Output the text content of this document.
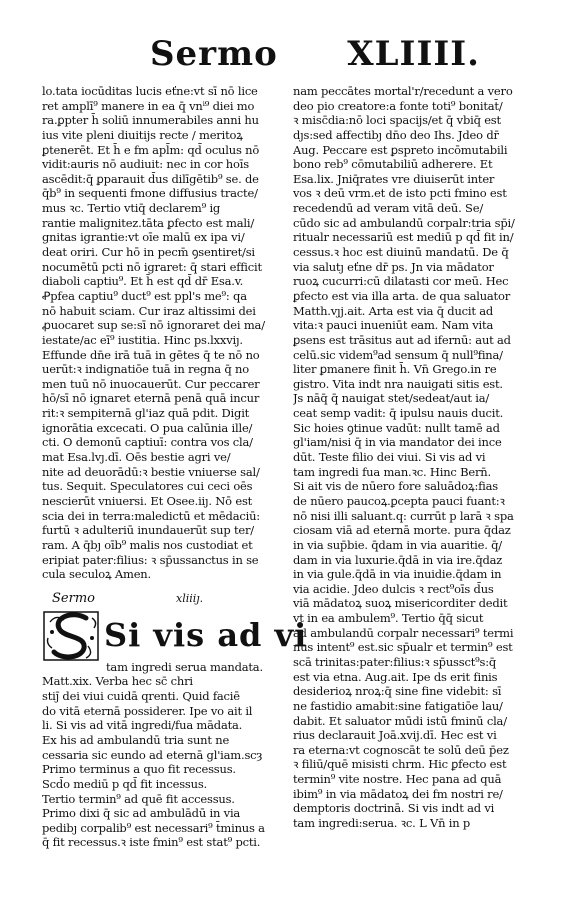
Sermo XLIIII.
lo.tata iocūditas lucis eťne:vt sī nō lice
ret amplī⁹ manere in ea q̄ vnⁱ⁹ diei mo
ra.ꝑpter h̄ soliū innumerabiles anni hu
ius vite pleni diuitijs recte / meritoꝝ
ꝑtenerēt. Et h̄ e fm apl̄m: qd̄ oculus nō
vidit:auris nō audiuit: nec in cor hoīs
ascēdit:q̄ ꝑparauit d̄us dilīgētib⁹ se. de
q̄b⁹ in sequenti fmone diffusius tracte/
mus ꝛc. Tertio vtiq̄ declarem⁹ ig
rantie malignitez.tāta ꝑfecto est mali/
gnitas igrantie:vt oīe malū ex ipa vi/
deat oriri. Cur hō in pecm̄ ꝯsentiret/si
nocumētū pcti nō igraret: q̄ stari efficit
diaboli captiu⁹. Et h̄ est qd̄ dr̄ Esa.v.
Ꝓpfea captiu⁹ duct⁹ est ppl's me⁹: qa
nō habuit sciam. Cur iraz altissimi dei
ꝓuocaret sup se:sī nō ignoraret dei ma/
iestate/ac eī⁹ iustitia. Hinc ps.lxxviȷ.
Effunde dn̄e irā tuā in gētes q̄ te nō no
uerūt:ꝛ indignatiōe tuā in regna q̄ no
men tuū nō inuocauerūt. Cur peccarer
hō/sī nō ignaret eternā penā quā incur
rit:ꝛ sempiternā gl'iaz quā pdit. Digit
ignorātia excecati. O pua calūnia ille/
cti. O demonū captiuī: contra vos cla/
mat Esa.lvȷ.dī. Oēs bestie agri ve/
nite ad deuorādū:ꝛ bestie vniuerse sal/
tus. Sequit. Speculatores cui ceci oēs
nescierūt vniuersi. Et Osee.iiȷ. Nō est
scia dei in terra:maledictū et mēdaciū:
furtū ꝛ adulteriū inundauerūt sup ter/
ram. A q̄bȷ oīb⁹ malis nos custodiat et
eripiat pater:filius: ꝛ sp̄ussanctus in se
cula seculoꝝ Amen.
Sermo	xliiiȷ.
Si vis ad vi
tam ingredi serua mandata.
Matt.xix. Verba hec sc̄ chri
stiȷ̄ dei viui cuidā qrenti. Quid faciē
do vitā eternā possiderer. Ipe vo ait il
li. Si vis ad vitā ingredi/fua mādata.
Ex his ad ambulandū tria sunt ne
cessaria sic eundo ad eternā gl'iam.scȝ
Primo terminus a quo fit recessus.
Scd̄o mediū p qd̄ fit incessus.
Tertio termin⁹ ad quē fit accessus.
Primo dixi q̄ sic ad ambulādū in via
pedibȷ corpalib⁹ est necessari⁹ t̄minus a
q̄ fit recessus.ꝛ iste fmin⁹ est stat⁹ pcti.
nam peccātes mortal'r/recedunt a vero
deo pio creatore:a fonte toti⁹ bonitat̄/
ꝛ misc̄dia:nō loci spacijs/et q̄ vbiq̄ est
dȷs:sed affectibȷ dn̄o deo Ihs. Jdeo dr̄
Aug. Peccare est ꝑspreto incōmutabili
bono reb⁹ cōmutabiliū adherere. Et
Esa.lix. Jniq̄rates vre diuiserūt inter
vos ꝛ deū vrm.et de isto pcti fmino est
recedendū ad veram vitā deū. Se/
cūdo sic ad ambulandū corpalr:tria sp̄i/
ritualr necessariū est mediū p qd̄ fit in/
cessus.ꝛ hoc est diuinū mandatū. De q̄
via salutȷ eťne dr̄ ps. Jn via mādator
ruoꝝ cucurri:cū dilatasti cor meū. Hec
ꝑfecto est via illa arta. de qua saluator
Matth.vȷj.ait. Arta est via q̄ ducit ad
vita:ꝛ pauci inueniūt eam. Nam vita
ꝑsens est trāsitus aut ad ifernū: aut ad
celū.sic videm⁹ad sensum q̄ null⁹fina/
liter ꝑmanere finit h̄. Vn̄ Grego.in re
gistro. Vita indt nra nauigati sitis est.
Js nāq̄ q̄ nauigat stet/sedeat/aut ia/
ceat semp vadit: q̄ ipulsu nauis ducit.
Sic hoies ꝯtinue vadūt: nullt tamē ad
gl'iam/nisi q̄ in via mandator dei ince
dūt. Teste filio dei viui. Si vis ad vi
tam ingredi fua man.ꝛc. Hinc Bern̄.
Si ait vis de nūero fore saluādoꝝ:fias
de nūero paucoꝝ.ꝑcepta pauci fuant:ꝛ
nō nisi illi saluant.q: currūt p larā ꝛ spa
ciosam viā ad eternā morte. pura q̄daz
in via sup̄bie. q̄dam in via auaritie. q̄/
dam in via luxurie.q̄dā in via ire.q̄daz
in via gule.q̄dā in via inuidie.q̄dam in
via acidie. Jdeo dulcis ꝛ rect⁹oīs d̄us
viā mādatoꝝ suoꝝ misericorditer dedit
vt in ea ambulem⁹. Tertio q̄q̄ sicut
ad ambulandū corpalr necessari⁹ termi
nus intent⁹ est.sic sp̄ualr et termin⁹ est
scā trinitas:pater:filius:ꝛ sp̄ussct⁹s:q̄
est via etna. Aug.ait. Ipe ds erit finis
desiderioꝝ nroꝝ:q̄ sine fine videbit: sī
ne fastidio amabit:sine fatigatiōe lau/
dabit. Et saluator mūdi istū fminū cla/
rius declarauit Joā.xvij.dī. Hec est vi
ra eterna:vt cognoscāt te solū deū p̄ez
ꝛ filiū/quē misisti chrm. Hic ꝑfecto est
termin⁹ vite nostre. Hec pana ad quā
ibim⁹ in via mādatoꝝ dei fm nostri re/
demptoris doctrinā. Si vis indt ad vi
tam ingredi:serua. ꝛc. L Vn̄ in p
